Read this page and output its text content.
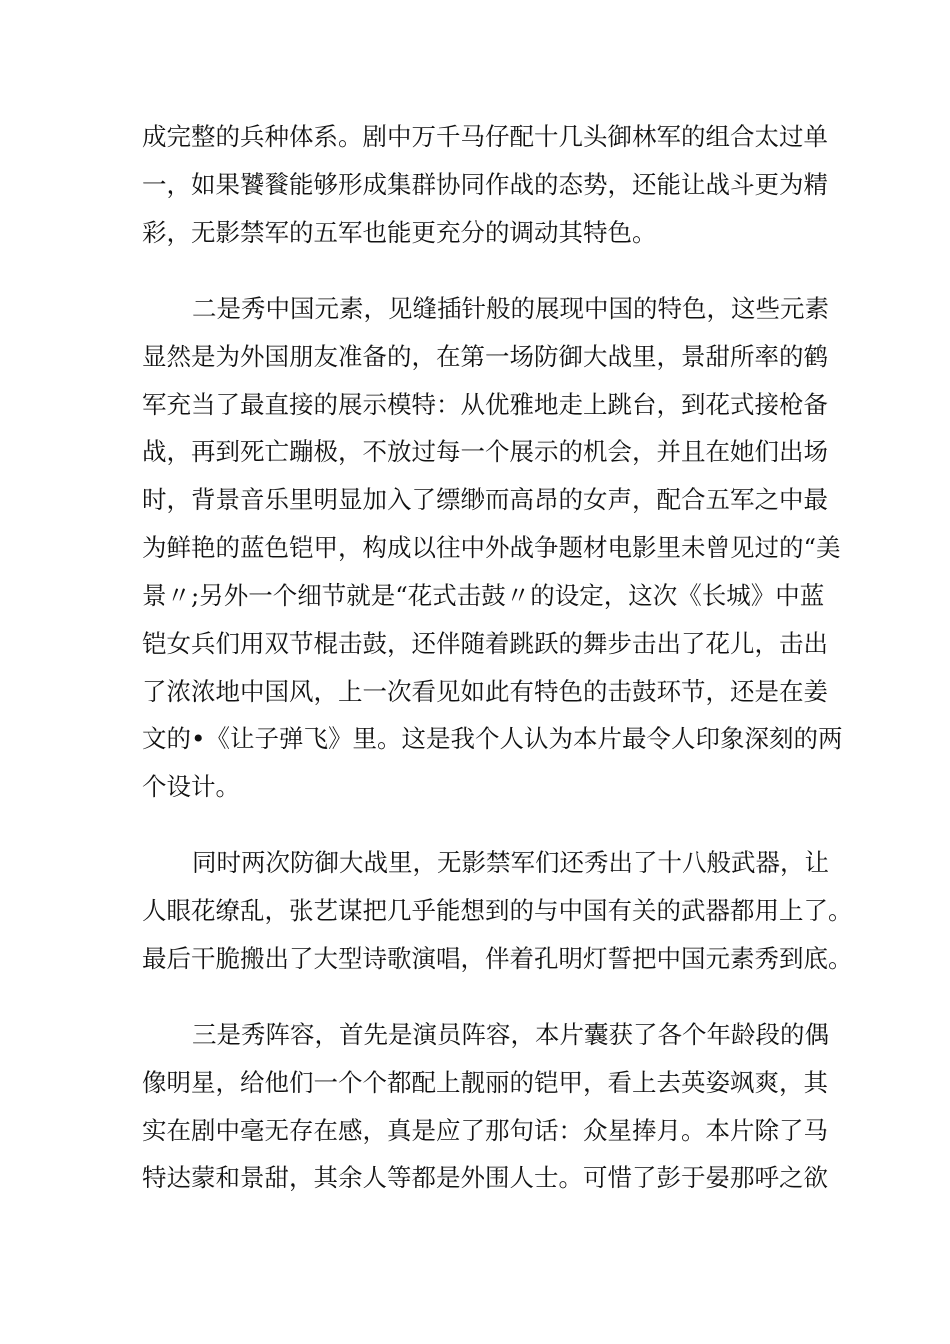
成完整的兵种体系。剧中万千马仔配十几头御林军的组合太过单
一，如果饕餮能够形成集群协同作战的态势，还能让战斗更为精
彩，无影禁军的五军也能更充分的调动其特色。
二是秀中国元素，见缝插针般的展现中国的特色，这些元素
显然是为外国朋友准备的，在第一场防御大战里，景甜所率的鹤
军充当了最直接的展示模特：从优雅地走上跳台，到花式接枪备
战，再到死亡蹦极，不放过每一个展示的机会，并且在她们出场
时，背景音乐里明显加入了缥缈而高昂的女声，配合五军之中最
为鲜艳的蓝色铠甲，构成以往中外战争题材电影里未曾见过的“美
景〃;另外一个细节就是“花式击鼓〃的设定，这次《长城》中蓝
铠女兵们用双节棍击鼓，还伴随着跳跃的舞步击出了花儿，击出
了浓浓地中国风，上一次看见如此有特色的击鼓环节，还是在姜
文的•《让子弹飞》里。这是我个人认为本片最令人印象深刻的两
个设计。
同时两次防御大战里，无影禁军们还秀出了十八般武器，让
人眼花缭乱，张艺谋把几乎能想到的与中国有关的武器都用上了。
最后干脆搬出了大型诗歌演唱，伴着孔明灯誓把中国元素秀到底。
三是秀阵容，首先是演员阵容，本片囊获了各个年龄段的偶
像明星，给他们一个个都配上靓丽的铠甲，看上去英姿飒爽，其
实在剧中毫无存在感，真是应了那句话：众星捧月。本片除了马
特达蒙和景甜，其余人等都是外围人士。可惜了彭于晏那呼之欲
